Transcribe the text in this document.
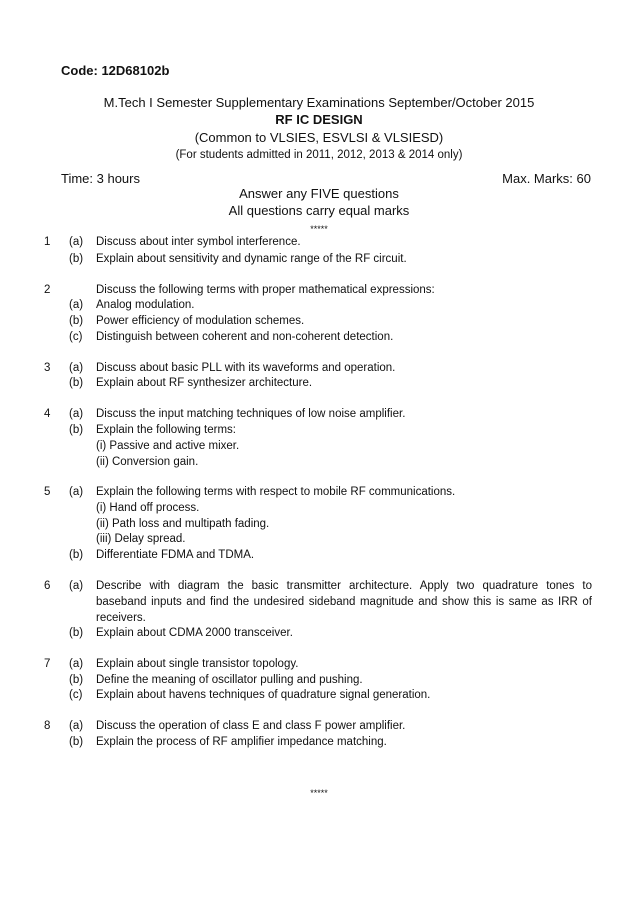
Code: 12D68102b
M.Tech I Semester Supplementary Examinations September/October 2015
RF IC DESIGN
(Common to VLSIES, ESVLSI & VLSIESD)
(For students admitted in 2011, 2012, 2013 & 2014 only)
Time: 3 hours	Max. Marks: 60
Answer any FIVE questions
All questions carry equal marks
*****
1 (a) Discuss about inter symbol interference.
(b) Explain about sensitivity and dynamic range of the RF circuit.
2	Discuss the following terms with proper mathematical expressions:
(a) Analog modulation.
(b) Power efficiency of modulation schemes.
(c) Distinguish between coherent and non-coherent detection.
3 (a) Discuss about basic PLL with its waveforms and operation.
(b) Explain about RF synthesizer architecture.
4 (a) Discuss the input matching techniques of low noise amplifier.
(b) Explain the following terms:
(i) Passive and active mixer.
(ii) Conversion gain.
5 (a) Explain the following terms with respect to mobile RF communications.
(i) Hand off process.
(ii) Path loss and multipath fading.
(iii) Delay spread.
(b) Differentiate FDMA and TDMA.
6 (a) Describe with diagram the basic transmitter architecture. Apply two quadrature tones to
baseband inputs and find the undesired sideband magnitude and show this is same as IRR of
receivers.
(b) Explain about CDMA 2000 transceiver.
7 (a) Explain about single transistor topology.
(b) Define the meaning of oscillator pulling and pushing.
(c) Explain about havens techniques of quadrature signal generation.
8 (a) Discuss the operation of class E and class F power amplifier.
(b) Explain the process of RF amplifier impedance matching.
*****
